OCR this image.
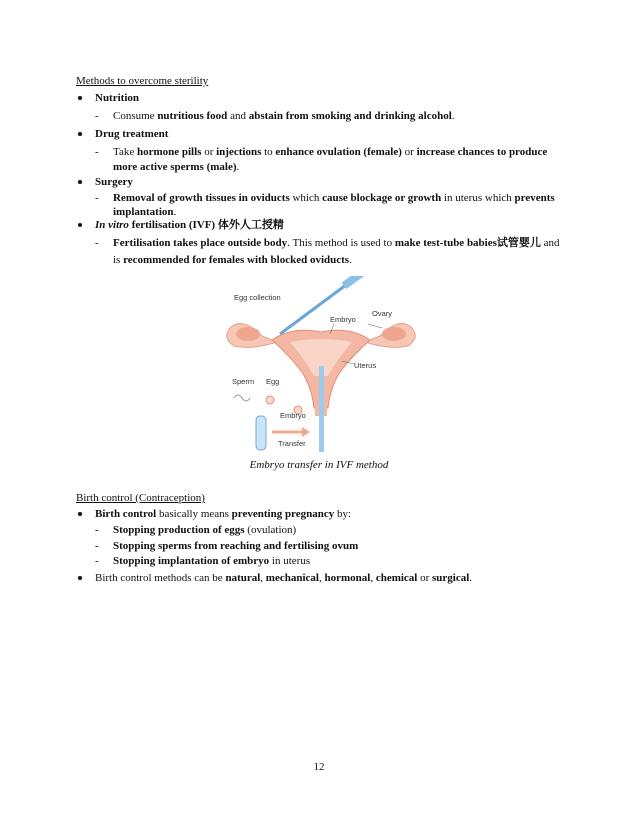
Methods to overcome sterility
Nutrition
- Consume nutritious food and abstain from smoking and drinking alcohol.
Drug treatment
- Take hormone pills or injections to enhance ovulation (female) or increase chances to produce
more active sperms (male).
Surgery
- Removal of growth tissues in oviducts which cause blockage or growth in uterus which prevents
implantation.
In vitro fertilisation (IVF) 体外人工授精
- Fertilisation takes place outside body. This method is used to make test-tube babies试管婴儿 and
is recommended for females with blocked oviducts.
Egg collection
Ovary
Embryo
Uterus
Sperm Egg
Embryo
Transfer
Embryo transfer in IVF method
Birth control (Contraception)
Birth control basically means preventing pregnancy by:
- Stopping production of eggs (ovulation)
- Stopping sperms from reaching and fertilising ovum
- Stopping implantation of embryo in uterus
Birth control methods can be natural, mechanical, hormonal, chemical or surgical.
12
